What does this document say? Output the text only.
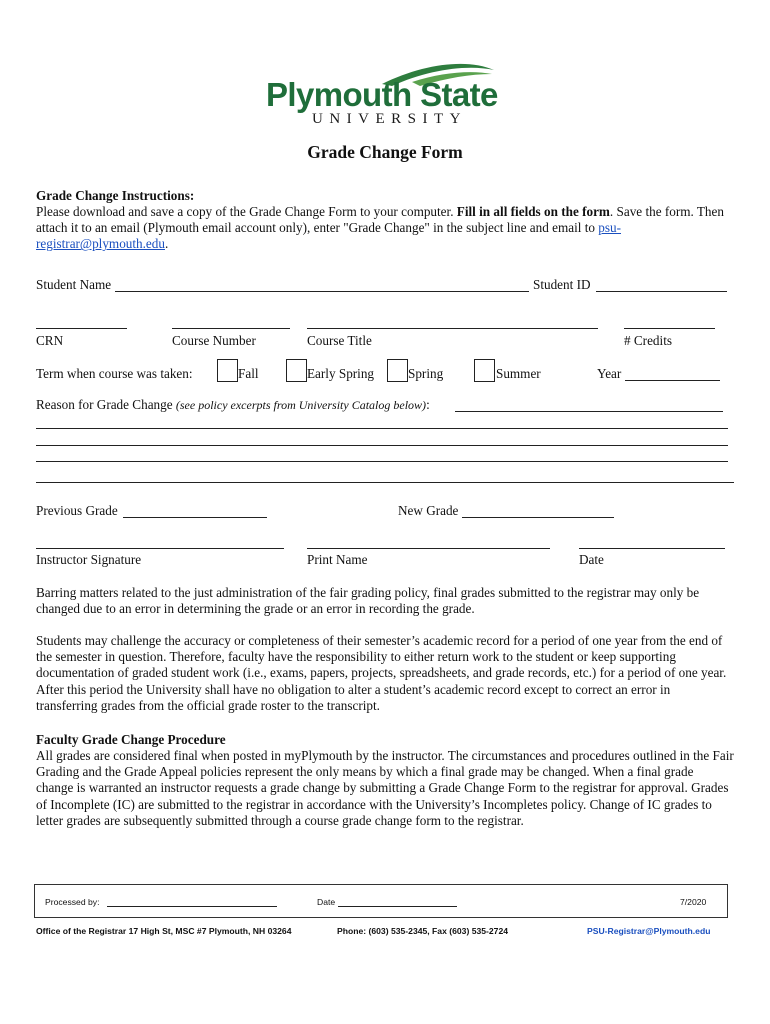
Plymouth State
UNIVERSITY
Grade Change Form
Grade Change Instructions:
Please download and save a copy of the Grade Change Form to your computer. Fill in all fields on the form. Save the form. Then attach it to an email (Plymouth email account only), enter "Grade Change" in the subject line and email to psu-registrar@plymouth.edu.
Student Name	Student ID
CRN	Course Number	Course Title	# Credits
Term when course was taken:	Fall	Early Spring	Spring	Summer	Year
Reason for Grade Change (see policy excerpts from University Catalog below):
Previous Grade	New Grade
Instructor Signature	Print Name	Date
Barring matters related to the just administration of the fair grading policy, final grades submitted to the registrar may only be changed due to an error in determining the grade or an error in recording the grade.
Students may challenge the accuracy or completeness of their semester’s academic record for a period of one year from the end of the semester in question. Therefore, faculty have the responsibility to either return work to the student or keep supporting documentation of graded student work (i.e., exams, papers, projects, spreadsheets, and grade records, etc.) for a period of one year. After this period the University shall have no obligation to alter a student’s academic record except to correct an error in transferring grades from the official grade roster to the transcript.
Faculty Grade Change Procedure
All grades are considered final when posted in myPlymouth by the instructor. The circumstances and procedures outlined in the Fair Grading and the Grade Appeal policies represent the only means by which a final grade may be changed. When a final grade change is warranted an instructor requests a grade change by submitting a Grade Change Form to the registrar for approval. Grades of Incomplete (IC) are submitted to the registrar in accordance with the University’s Incompletes policy. Change of IC grades to letter grades are subsequently submitted through a course grade change form to the registrar.
Processed by:	Date	7/2020
Office of the Registrar 17 High St, MSC #7 Plymouth, NH 03264	Phone: (603) 535-2345, Fax (603) 535-2724	PSU-Registrar@Plymouth.edu
